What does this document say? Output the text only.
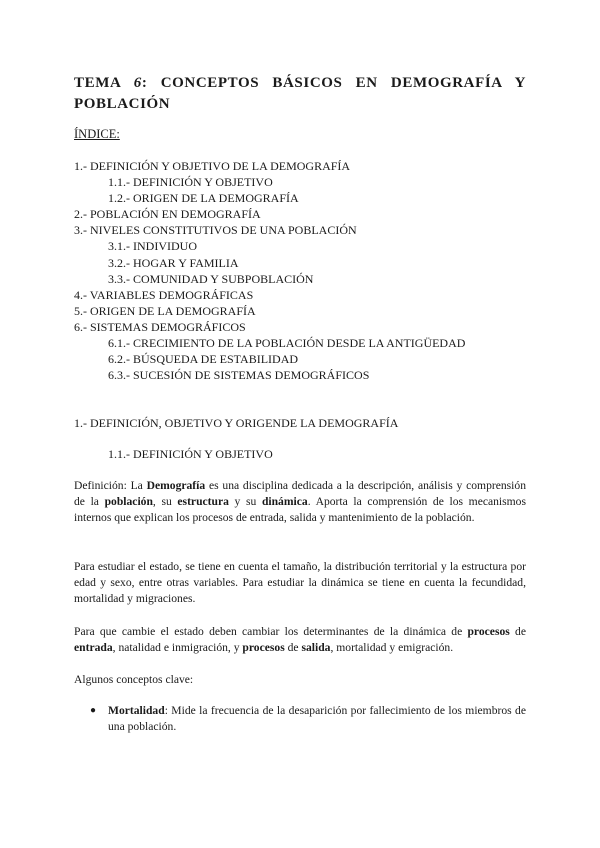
TEMA 6: CONCEPTOS BÁSICOS EN DEMOGRAFÍA Y POBLACIÓN
ÍNDICE:
1.- DEFINICIÓN Y OBJETIVO DE LA DEMOGRAFÍA
1.1.- DEFINICIÓN Y OBJETIVO
1.2.- ORIGEN DE LA DEMOGRAFÍA
2.- POBLACIÓN EN DEMOGRAFÍA
3.- NIVELES CONSTITUTIVOS DE UNA POBLACIÓN
3.1.- INDIVIDUO
3.2.- HOGAR Y FAMILIA
3.3.- COMUNIDAD Y SUBPOBLACIÓN
4.- VARIABLES DEMOGRÁFICAS
5.- ORIGEN DE LA DEMOGRAFÍA
6.- SISTEMAS DEMOGRÁFICOS
6.1.- CRECIMIENTO DE LA POBLACIÓN DESDE LA ANTIGÜEDAD
6.2.- BÚSQUEDA DE ESTABILIDAD
6.3.- SUCESIÓN DE SISTEMAS DEMOGRÁFICOS
1.- DEFINICIÓN, OBJETIVO Y ORIGENDE LA DEMOGRAFÍA
1.1.- DEFINICIÓN Y OBJETIVO

Definición: La Demografía es una disciplina dedicada a la descripción, análisis y comprensión de la población, su estructura y su dinámica. Aporta la comprensión de los mecanismos internos que explican los procesos de entrada, salida y mantenimiento de la población.

Para estudiar el estado, se tiene en cuenta el tamaño, la distribución territorial y la estructura por edad y sexo, entre otras variables. Para estudiar la dinámica se tiene en cuenta la fecundidad, mortalidad y migraciones.

Para que cambie el estado deben cambiar los determinantes de la dinámica de procesos de entrada, natalidad e inmigración, y procesos de salida, mortalidad y emigración.

Algunos conceptos clave:

● Mortalidad: Mide la frecuencia de la desaparición por fallecimiento de los miembros de una población.
